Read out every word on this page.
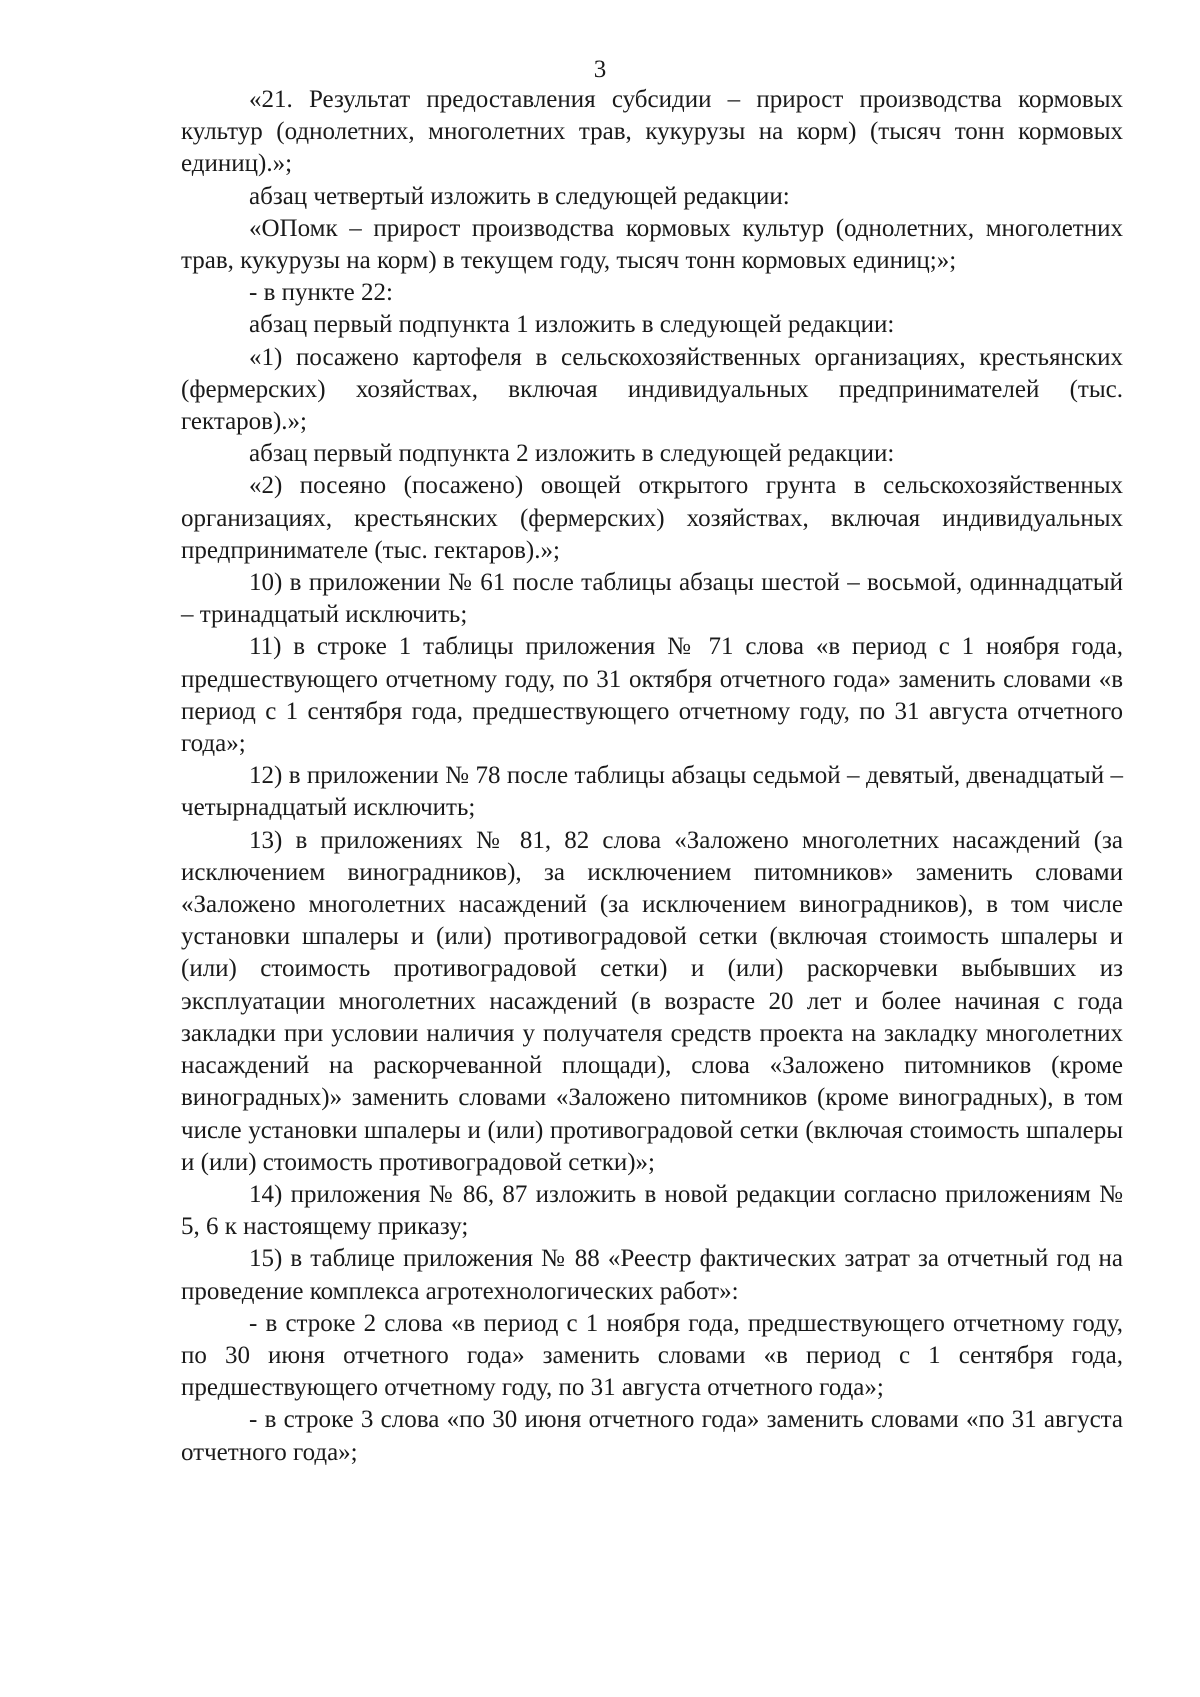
3

«21. Результат предоставления субсидии – прирост производства кормовых культур (однолетних, многолетних трав, кукурузы на корм) (тысяч тонн кормовых единиц).»;

абзац четвертый изложить в следующей редакции:

«ОПомк – прирост производства кормовых культур (однолетних, многолетних трав, кукурузы на корм) в текущем году, тысяч тонн кормовых единиц;»;

- в пункте 22:

абзац первый подпункта 1 изложить в следующей редакции:

«1) посажено картофеля в сельскохозяйственных организациях, крестьянских (фермерских) хозяйствах, включая индивидуальных предпринимателей (тыс. гектаров).»;

абзац первый подпункта 2 изложить в следующей редакции:

«2) посеяно (посажено) овощей открытого грунта в сельскохозяйственных организациях, крестьянских (фермерских) хозяйствах, включая индивидуальных предпринимателе (тыс. гектаров).»;

10) в приложении № 61 после таблицы абзацы шестой – восьмой, одиннадцатый – тринадцатый исключить;

11) в строке 1 таблицы приложения № 71 слова «в период с 1 ноября года, предшествующего отчетному году, по 31 октября отчетного года» заменить словами «в период с 1 сентября года, предшествующего отчетному году, по 31 августа отчетного года»;

12) в приложении № 78 после таблицы абзацы седьмой – девятый, двенадцатый – четырнадцатый исключить;

13) в приложениях № 81, 82 слова «Заложено многолетних насаждений (за исключением виноградников), за исключением питомников» заменить словами «Заложено многолетних насаждений (за исключением виноградников), в том числе установки шпалеры и (или) противоградовой сетки (включая стоимость шпалеры и (или) стоимость противоградовой сетки) и (или) раскорчевки выбывших из эксплуатации многолетних насаждений (в возрасте 20 лет и более начиная с года закладки при условии наличия у получателя средств проекта на закладку многолетних насаждений на раскорчеванной площади), слова «Заложено питомников (кроме виноградных)» заменить словами «Заложено питомников (кроме виноградных), в том числе установки шпалеры и (или) противоградовой сетки (включая стоимость шпалеры и (или) стоимость противоградовой сетки)»;

14) приложения № 86, 87 изложить в новой редакции согласно приложениям № 5, 6 к настоящему приказу;

15) в таблице приложения № 88 «Реестр фактических затрат за отчетный год на проведение комплекса агротехнологических работ»:

- в строке 2 слова «в период с 1 ноября года, предшествующего отчетному году, по 30 июня отчетного года» заменить словами «в период с 1 сентября года, предшествующего отчетному году, по 31 августа отчетного года»;

- в строке 3 слова «по 30 июня отчетного года» заменить словами «по 31 августа отчетного года»;
